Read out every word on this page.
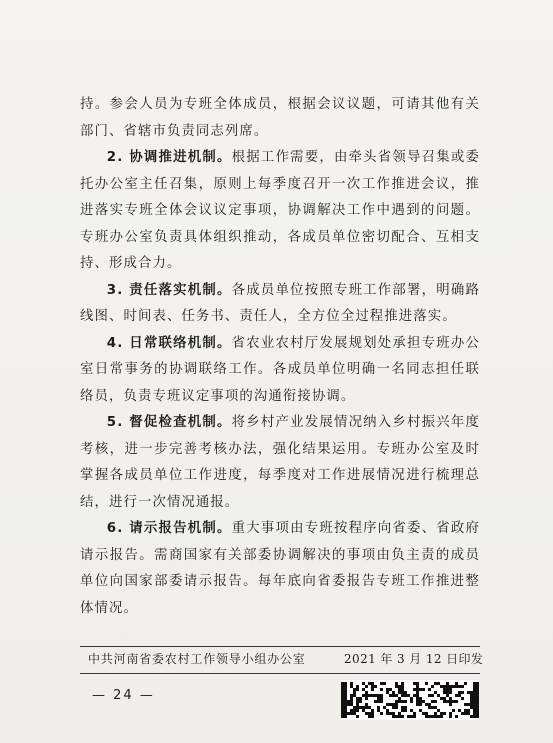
持。参会人员为专班全体成员，根据会议议题，可请其他有关部门、省辖市负责同志列席。

2. 协调推进机制。根据工作需要，由牵头省领导召集或委托办公室主任召集，原则上每季度召开一次工作推进会议，推进落实专班全体会议议定事项，协调解决工作中遇到的问题。专班办公室负责具体组织推动，各成员单位密切配合、互相支持、形成合力。

3. 责任落实机制。各成员单位按照专班工作部署，明确路线图、时间表、任务书、责任人，全方位全过程推进落实。

4. 日常联络机制。省农业农村厅发展规划处承担专班办公室日常事务的协调联络工作。各成员单位明确一名同志担任联络员，负责专班议定事项的沟通衔接协调。

5. 督促检查机制。将乡村产业发展情况纳入乡村振兴年度考核，进一步完善考核办法，强化结果运用。专班办公室及时掌握各成员单位工作进度，每季度对工作进展情况进行梳理总结，进行一次情况通报。

6. 请示报告机制。重大事项由专班按程序向省委、省政府请示报告。需商国家有关部委协调解决的事项由负主责的成员单位向国家部委请示报告。每年底向省委报告专班工作推进整体情况。

中共河南省委农村工作领导小组办公室	2021 年 3 月 12 日印发
— 24 —
